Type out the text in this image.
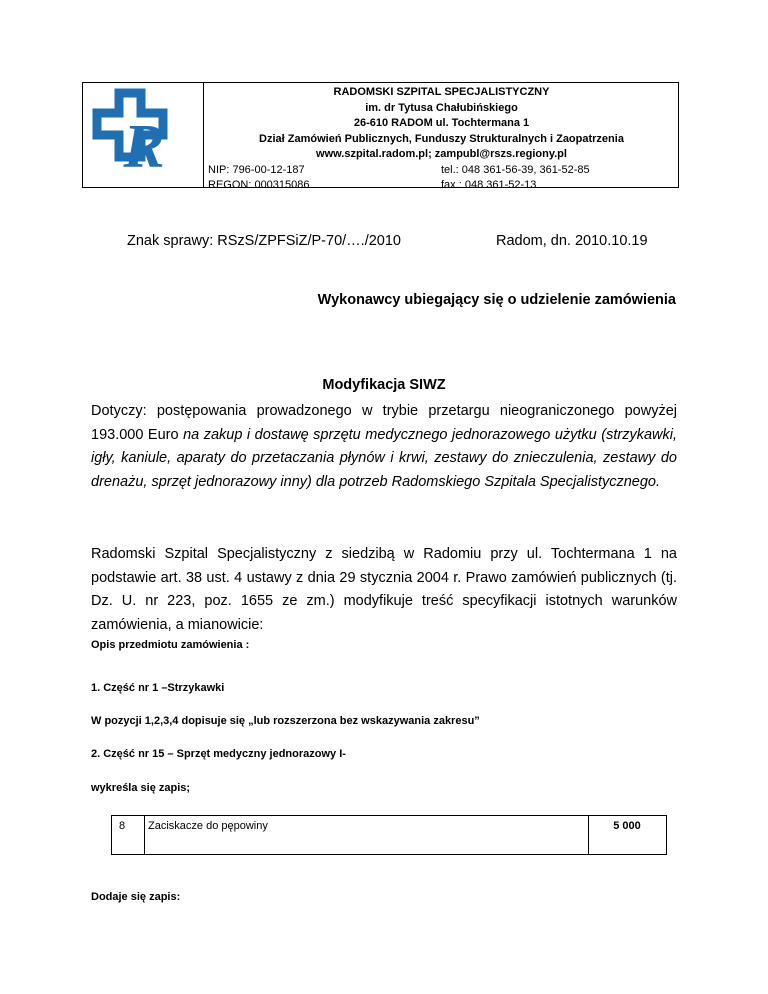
R
RADOMSKI SZPITAL SPECJALISTYCZNY
im. dr Tytusa Chałubińskiego
26-610 RADOM ul. Tochtermana 1
Dział Zamówień Publicznych, Funduszy Strukturalnych i Zaopatrzenia
www.szpital.radom.pl; zampubl@rszs.regiony.pl
NIP: 796-00-12-187	tel.: 048 361-56-39, 361-52-85
REGON: 000315086	fax.: 048 361-52-13
Znak sprawy: RSzS/ZPFSiZ/P-70/…./2010	Radom, dn. 2010.10.19
Wykonawcy ubiegający się o udzielenie zamówienia
Modyfikacja SIWZ
Dotyczy: postępowania prowadzonego w trybie przetargu nieograniczonego powyżej 193.000 Euro na zakup i dostawę sprzętu medycznego jednorazowego użytku (strzykawki, igły, kaniule, aparaty do przetaczania płynów i krwi, zestawy do znieczulenia, zestawy do drenażu, sprzęt jednorazowy inny) dla potrzeb Radomskiego Szpitala Specjalistycznego.
Radomski Szpital Specjalistyczny z siedzibą w Radomiu przy ul. Tochtermana 1 na podstawie art. 38 ust. 4 ustawy z dnia 29 stycznia 2004 r. Prawo zamówień publicznych (tj. Dz. U. nr 223, poz. 1655 ze zm.) modyfikuje treść specyfikacji istotnych warunków zamówienia, a mianowicie:
Opis przedmiotu zamówienia :
1. Część nr 1 –Strzykawki
W pozycji 1,2,3,4 dopisuje się „lub rozszerzona bez wskazywania zakresu”
2. Część nr 15 – Sprzęt medyczny jednorazowy I-
wykreśla się zapis;
8 Zaciskacze do pępowiny	5 000
Dodaje się zapis:
